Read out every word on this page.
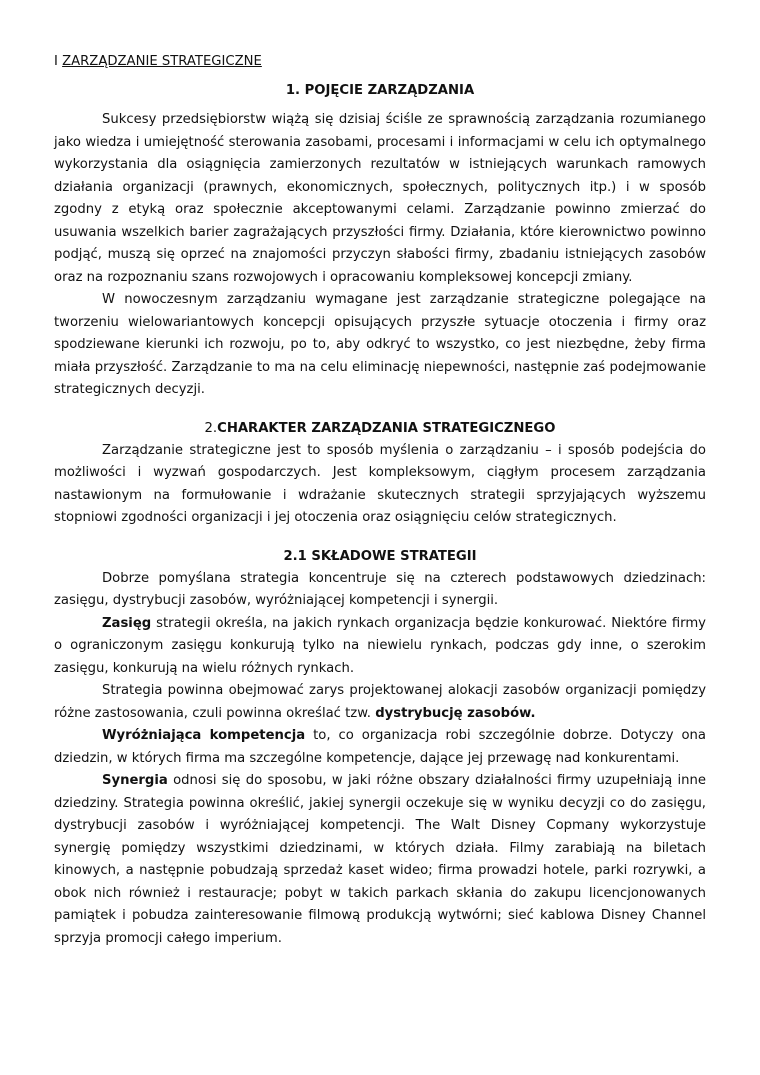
I ZARZĄDZANIE STRATEGICZNE
1. POJĘCIE ZARZĄDZANIA

Sukcesy przedsiębiorstw wiążą się dzisiaj ściśle ze sprawnością zarządzania rozumianego jako wiedza i umiejętność sterowania zasobami, procesami i informacjami w celu ich optymalnego wykorzystania dla osiągnięcia zamierzonych rezultatów w istniejących warunkach ramowych działania organizacji (prawnych, ekonomicznych, społecznych, politycznych itp.) i w sposób zgodny z etyką oraz społecznie akceptowanymi celami. Zarządzanie powinno zmierzać do usuwania wszelkich barier zagrażających przyszłości firmy. Działania, które kierownictwo powinno podjąć, muszą się oprzeć na znajomości przyczyn słabości firmy, zbadaniu istniejących zasobów oraz na rozpoznaniu szans rozwojowych i opracowaniu kompleksowej koncepcji zmiany.

W nowoczesnym zarządzaniu wymagane jest zarządzanie strategiczne polegające na tworzeniu wielowariantowych koncepcji opisujących przyszłe sytuacje otoczenia i firmy oraz spodziewane kierunki ich rozwoju, po to, aby odkryć to wszystko, co jest niezbędne, żeby firma miała przyszłość. Zarządzanie to ma na celu eliminację niepewności, następnie zaś podejmowanie strategicznych decyzji.

2.CHARAKTER ZARZĄDZANIA STRATEGICZNEGO

Zarządzanie strategiczne jest to sposób myślenia o zarządzaniu – i sposób podejścia do możliwości i wyzwań gospodarczych. Jest kompleksowym, ciągłym procesem zarządzania nastawionym na formułowanie i wdrażanie skutecznych strategii sprzyjających wyższemu stopniowi zgodności organizacji i jej otoczenia oraz osiągnięciu celów strategicznych.

2.1 SKŁADOWE STRATEGII

Dobrze pomyślana strategia koncentruje się na czterech podstawowych dziedzinach: zasięgu, dystrybucji zasobów, wyróżniającej kompetencji i synergii.

Zasięg strategii określa, na jakich rynkach organizacja będzie konkurować. Niektóre firmy o ograniczonym zasięgu konkurują tylko na niewielu rynkach, podczas gdy inne, o szerokim zasięgu, konkurują na wielu różnych rynkach.

Strategia powinna obejmować zarys projektowanej alokacji zasobów organizacji pomiędzy różne zastosowania, czuli powinna określać tzw. dystrybucję zasobów.

Wyróżniająca kompetencja to, co organizacja robi szczególnie dobrze. Dotyczy ona dziedzin, w których firma ma szczególne kompetencje, dające jej przewagę nad konkurentami.

Synergia odnosi się do sposobu, w jaki różne obszary działalności firmy uzupełniają inne dziedziny. Strategia powinna określić, jakiej synergii oczekuje się w wyniku decyzji co do zasięgu, dystrybucji zasobów i wyróżniającej kompetencji. The Walt Disney Copmany wykorzystuje synergię pomiędzy wszystkimi dziedzinami, w których działa. Filmy zarabiają na biletach kinowych, a następnie pobudzają sprzedaż kaset wideo; firma prowadzi hotele, parki rozrywki, a obok nich również i restauracje; pobyt w takich parkach skłania do zakupu licencjonowanych pamiątek i pobudza zainteresowanie filmową produkcją wytwórni; sieć kablowa Disney Channel sprzyja promocji całego imperium.
